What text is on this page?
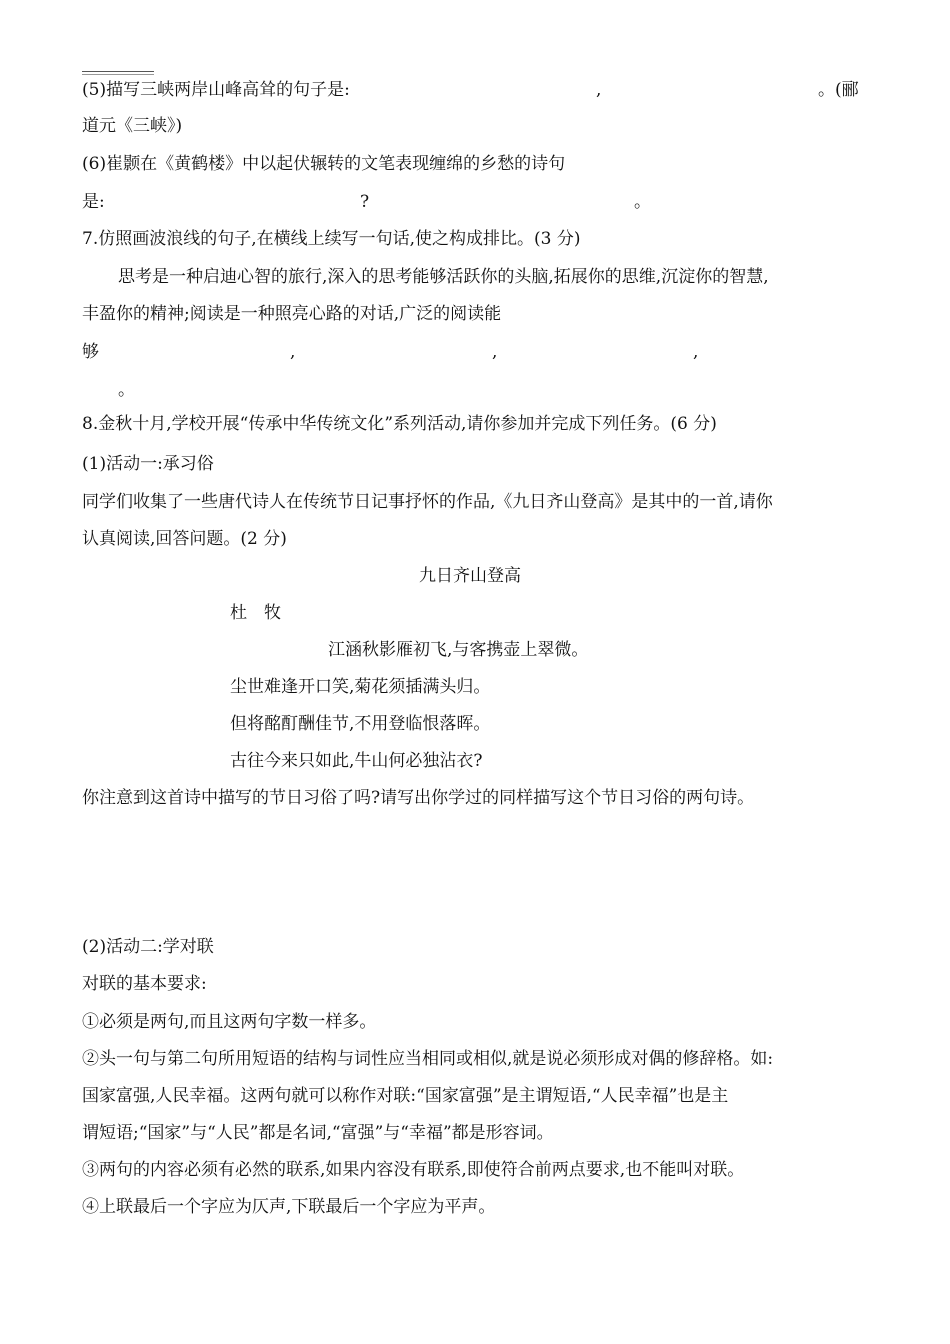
(5)描写三峡两岸山峰高耸的句子是:	,	。(郦
道元《三峡》)
(6)崔颢在《黄鹤楼》中以起伏辗转的文笔表现缠绵的乡愁的诗句
是:	?	。
7.仿照画波浪线的句子,在横线上续写一句话,使之构成排比。(3 分)
思考是一种启迪心智的旅行,深入的思考能够活跃你的头脑,拓展你的思维,沉淀你的智慧,
丰盈你的精神;阅读是一种照亮心路的对话,广泛的阅读能
够	,	,	,
。
8.金秋十月,学校开展“传承中华传统文化”系列活动,请你参加并完成下列任务。(6 分)
(1)活动一:承习俗
同学们收集了一些唐代诗人在传统节日记事抒怀的作品,《九日齐山登高》是其中的一首,请你
认真阅读,回答问题。(2 分)
九日齐山登高
杜　牧
江涵秋影雁初飞,与客携壶上翠微。
尘世难逢开口笑,菊花须插满头归。
但将酩酊酬佳节,不用登临恨落晖。
古往今来只如此,牛山何必独沾衣?
你注意到这首诗中描写的节日习俗了吗?请写出你学过的同样描写这个节日习俗的两句诗。
(2)活动二:学对联
对联的基本要求:
①必须是两句,而且这两句字数一样多。
②头一句与第二句所用短语的结构与词性应当相同或相似,就是说必须形成对偶的修辞格。如:
国家富强,人民幸福。这两句就可以称作对联:“国家富强”是主谓短语,“人民幸福”也是主
谓短语;“国家”与“人民”都是名词,“富强”与“幸福”都是形容词。
③两句的内容必须有必然的联系,如果内容没有联系,即使符合前两点要求,也不能叫对联。
④上联最后一个字应为仄声,下联最后一个字应为平声。
